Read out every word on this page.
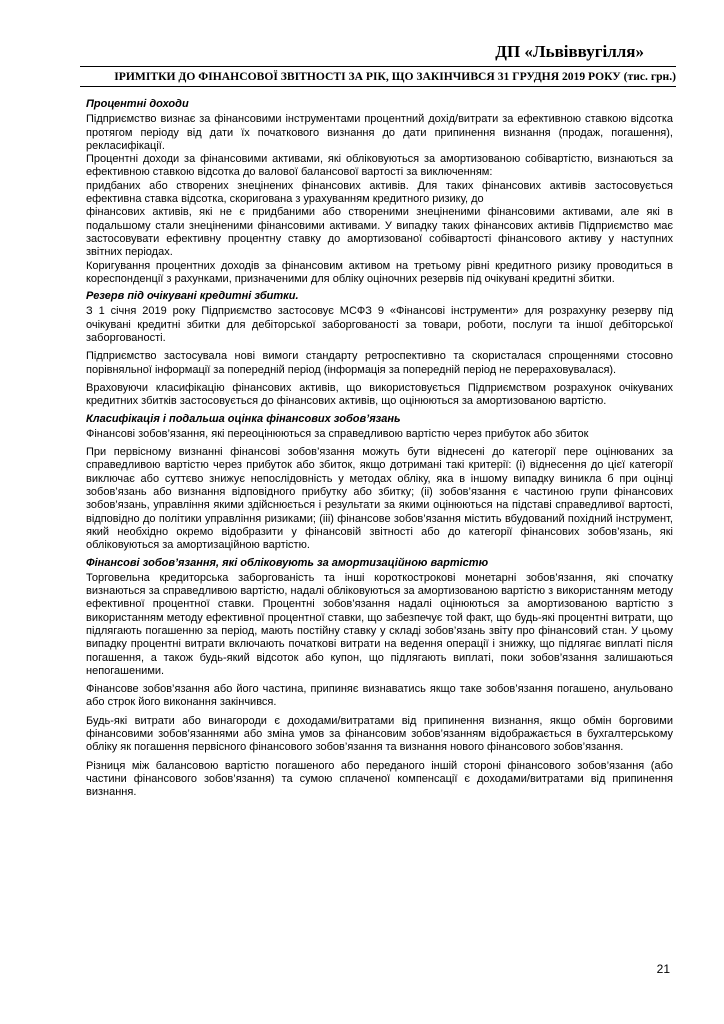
ДП «Львіввугілля»
ІРИМІТКИ ДО ФІНАНСОВОЇ ЗВІТНОСТІ ЗА РІК, ЩО ЗАКІНЧИВСЯ 31 ГРУДНЯ 2019 РОКУ (тис. грн.)
Процентні доходи

Підприємство визнає за фінансовими інструментами процентний дохід/витрати за ефективною ставкою відсотка протягом періоду від дати їх початкового визнання до дати припинення визнання (продаж, погашення), рекласифікації.

Процентні доходи за фінансовими активами, які обліковуються за амортизованою собівартістю, визнаються за ефективною ставкою відсотка до валової балансової вартості за виключенням:

придбаних або створених знецінених фінансових активів. Для таких фінансових активів застосовується ефективна ставка відсотка, скоригована з урахуванням кредитного ризику, до

фінансових активів, які не є придбаними або створеними знеціненими фінансовими активами, але які в подальшому стали знеціненими фінансовими активами. У випадку таких фінансових активів Підприємство має застосовувати ефективну процентну ставку до амортизованої собівартості фінансового активу у наступних звітних періодах.

Коригування процентних доходів за фінансовим активом на третьому рівні кредитного ризику проводиться в кореспонденції з рахунками, призначеними для обліку оціночних резервів під очікувані кредитні збитки.

Резерв під очікувані кредитні збитки.

З 1 січня 2019 року Підприємство застосовує МСФЗ 9 «Фінансові інструменти» для розрахунку резерву під очікувані кредитні збитки для дебіторської заборгованості за товари, роботи, послуги та іншої дебіторської заборгованості.

Підприємство застосувала нові вимоги стандарту ретроспективно та скористалася спрощеннями стосовно порівняльної інформації за попередній період (інформація за попередній період не перераховувалася).

Враховуючи класифікацію фінансових активів, що використовується Підприємством розрахунок очікуваних кредитних збитків застосовується до фінансових активів, що оцінюються за амортизованою вартістю.

Класифікація і подальша оцінка фінансових зобов’язань

Фінансові зобов’язання, які переоцінюються за справедливою вартістю через прибуток або збиток

При первісному визнанні фінансові зобов’язання можуть бути віднесені до категорії пере оцінюваних за справедливою вартістю через прибуток або збиток, якщо дотримані такі критерії: (і) віднесення до цієї категорії виключає або суттєво знижує непослідовність у методах обліку, яка в іншому випадку виникла б при оцінці зобов’язань або визнання відповідного прибутку або збитку; (іі) зобов’язання є частиною групи фінансових зобов’язань, управління якими здійснюється і результати за якими оцінюються на підставі справедливої вартості, відповідно до політики управління ризиками; (ііі) фінансове зобов’язання містить вбудований похідний інструмент, який необхідно окремо відобразити у фінансовій звітності або до категорії фінансових зобов’язань, які обліковуються за амортизаційною вартістю.

Фінансові зобов’язання, які обліковують за амортизаційною вартістю

Торговельна кредиторська заборгованість та інші короткострокові монетарні зобов’язання, які спочатку визнаються за справедливою вартістю, надалі обліковуються за амортизованою вартістю з використанням методу ефективної процентної ставки. Процентні зобов’язання надалі оцінюються за амортизованою вартістю з використанням методу ефективної процентної ставки, що забезпечує той факт, що будь-які процентні витрати, що підлягають погашенню за період, мають постійну ставку у складі зобов’язань звіту про фінансовий стан. У цьому випадку процентні витрати включають початкові витрати на ведення операції і знижку, що підлягає виплаті після погашення, а також будь-який відсоток або купон, що підлягають виплаті, поки зобов’язання залишаються непогашеними.

Фінансове зобов’язання або його частина, припиняє визнаватись якщо таке зобов’язання погашено, анульовано або строк його виконання закінчився.

Будь-які витрати або винагороди є доходами/витратами від припинення визнання, якщо обмін борговими фінансовими зобов’язаннями або зміна умов за фінансовим зобов’язанням відображається в бухгалтерському обліку як погашення первісного фінансового зобов’язання та визнання нового фінансового зобов’язання.

Різниця між балансовою вартістю погашеного або переданого іншій стороні фінансового зобов’язання (або частини фінансового зобов’язання) та сумою сплаченої компенсації є доходами/витратами від припинення визнання.

21
